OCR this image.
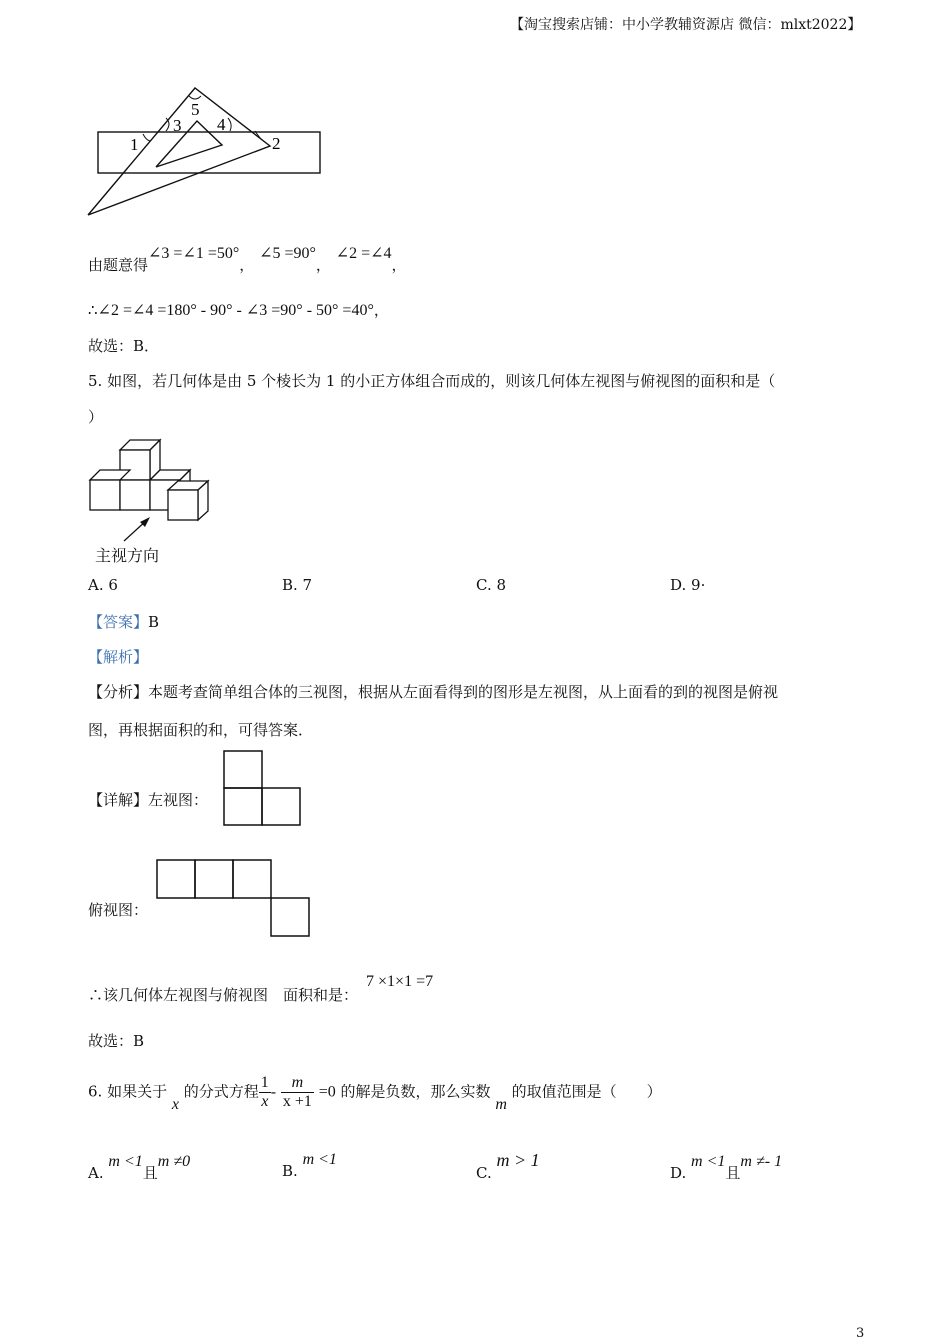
【淘宝搜索店铺：中小学教辅资源店 微信：mlxt2022】
5
3 4
1	2
由题意得∠3 =∠1 =50°， ∠5 =90°， ∠2 =∠4，
∴∠2 =∠4 =180° - 90° - ∠3 =90° - 50° =40°，
故选：B．
5. 如图，若几何体是由 5 个棱长为 1 的小正方体组合而成的，则该几何体左视图与俯视图的面积和是（
）
主视方向
A. 6	B. 7	C. 8	D. 9·
【答案】B
【解析】
【分析】本题考查简单组合体的三视图，根据从左面看得到的图形是左视图，从上面看的到的视图是俯视
图，再根据面积的和，可得答案．
【详解】左视图：
俯视图：
∴该几何体左视图与俯视图　面积和是：7 ×1×1 =7
故选：B
6. 如果关于 x 的分式方程 $\frac{1}{x} - \frac{m}{x +1} =0$ 的解是负数，那么实数 m 的取值范围是（　　）
A. m <1且m ≠0
B. m <1
C. m > 1
D. m <1且m ≠- 1
3
